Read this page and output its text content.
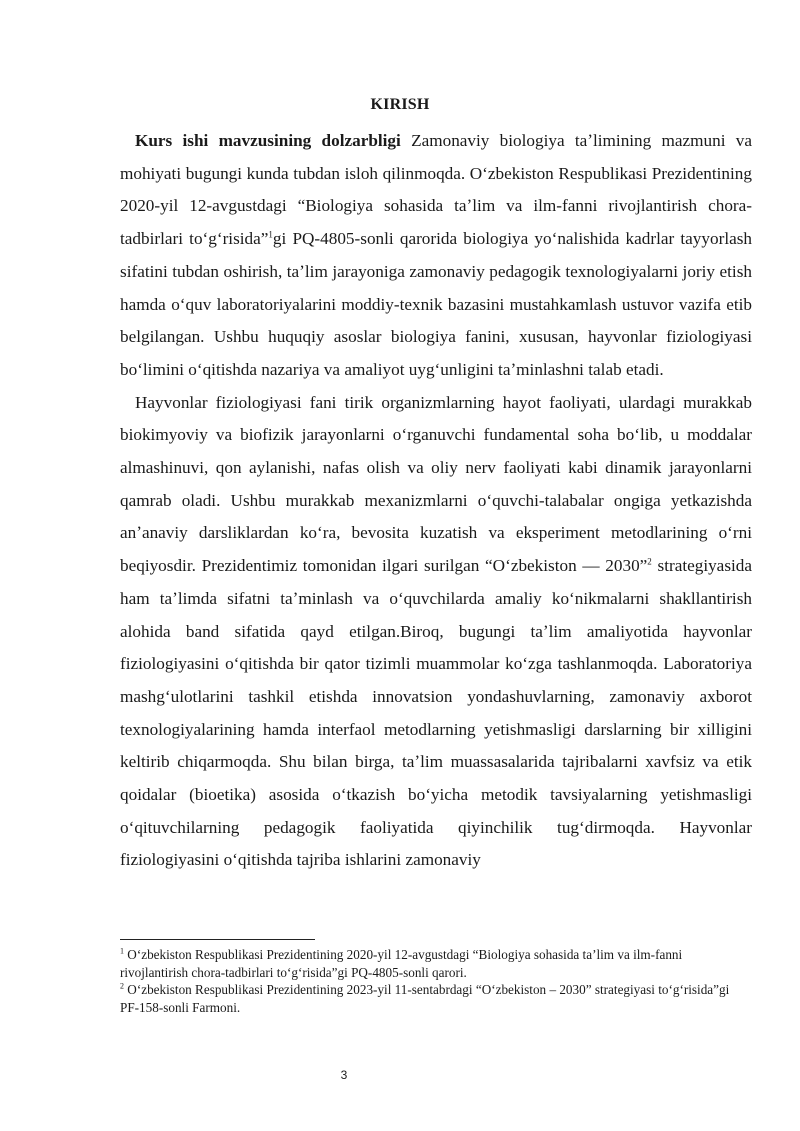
KIRISH

Kurs ishi mavzusining dolzarbligi Zamonaviy biologiya taʼlimining mazmuni va mohiyati bugungi kunda tubdan isloh qilinmoqda. Oʻzbekiston Respublikasi Prezidentining 2020-yil 12-avgustdagi “Biologiya sohasida taʼlim va ilm-fanni rivojlantirish chora-tadbirlari toʻgʻrisida”$^1$gi PQ-4805-sonli qarorida biologiya yoʻnalishida kadrlar tayyorlash sifatini tubdan oshirish, taʼlim jarayoniga zamonaviy pedagogik texnologiyalarni joriy etish hamda oʻquv laboratoriyalarini moddiy-texnik bazasini mustahkamlash ustuvor vazifa etib belgilangan. Ushbu huquqiy asoslar biologiya fanini, xususan, hayvonlar fiziologiyasi boʻlimini oʻqitishda nazariya va amaliyot uygʻunligini taʼminlashni talab etadi.

Hayvonlar fiziologiyasi fani tirik organizmlarning hayot faoliyati, ulardagi murakkab biokimyoviy va biofizik jarayonlarni oʻrganuvchi fundamental soha boʻlib, u moddalar almashinuvi, qon aylanishi, nafas olish va oliy nerv faoliyati kabi dinamik jarayonlarni qamrab oladi. Ushbu murakkab mexanizmlarni oʻquvchi-talabalar ongiga yetkazishda anʼanaviy darsliklardan koʻra, bevosita kuzatish va eksperiment metodlarining oʻrni beqiyosdir. Prezidentimiz tomonidan ilgari surilgan “Oʻzbekiston — 2030”$^2$ strategiyasida ham taʼlimda sifatni taʼminlash va oʻquvchilarda amaliy koʻnikmalarni shakllantirish alohida band sifatida qayd etilgan.Biroq, bugungi taʼlim amaliyotida hayvonlar fiziologiyasini oʻqitishda bir qator tizimli muammolar koʻzga tashlanmoqda. Laboratoriya mashgʻulotlarini tashkil etishda innovatsion yondashuvlarning, zamonaviy axborot texnologiyalarining hamda interfaol metodlarning yetishmasligi darslarning bir xilligini keltirib chiqarmoqda. Shu bilan birga, taʼlim muassasalarida tajribalarni xavfsiz va etik qoidalar (bioetika) asosida oʻtkazish boʻyicha metodik tavsiyalarning yetishmasligi oʻqituvchilarning pedagogik faoliyatida qiyinchilik tugʻdirmoqda. Hayvonlar fiziologiyasini oʻqitishda tajriba ishlarini zamonaviy

$^1$ Oʻzbekiston Respublikasi Prezidentining 2020-yil 12-avgustdagi “Biologiya sohasida taʼlim va ilm-fanni rivojlantirish chora-tadbirlari toʻgʻrisida”gi PQ-4805-sonli qarori.

$^2$ Oʻzbekiston Respublikasi Prezidentining 2023-yil 11-sentabrdagi “Oʻzbekiston – 2030” strategiyasi toʻgʻrisida”gi PF-158-sonli Farmoni.

3
